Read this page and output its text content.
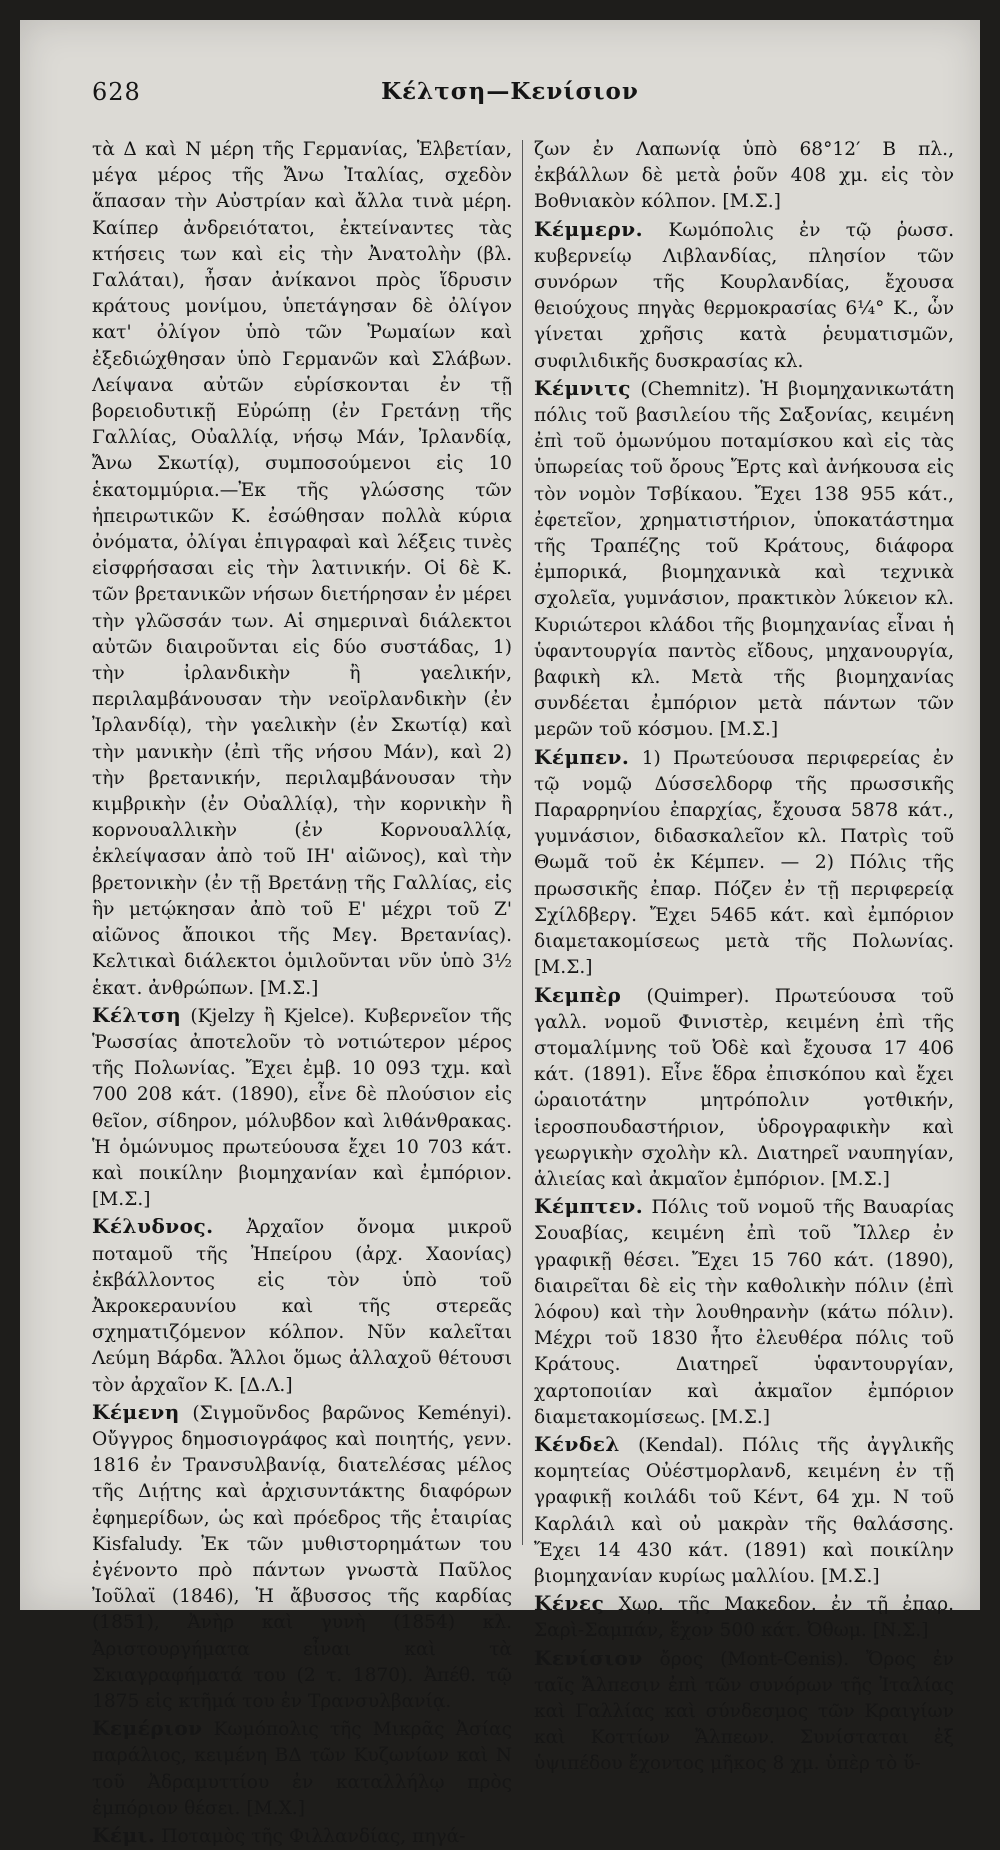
628	Κέλτση—Κενίσιον

τὰ Δ καὶ Ν μέρη τῆς Γερμανίας, Ἑλβετίαν, μέγα μέρος τῆς Ἄνω Ἰταλίας, σχεδὸν ἅπασαν τὴν Αὐστρίαν καὶ ἄλλα τινὰ μέρη. Καίπερ ἀνδρειότατοι, ἐκτείναντες τὰς κτήσεις των καὶ εἰς τὴν Ἀνατολὴν (βλ. Γαλάται), ἦσαν ἀνίκανοι πρὸς ἵδρυσιν κράτους μονίμου, ὑπετάγησαν δὲ ὀλίγον κατ' ὀλίγον ὑπὸ τῶν Ῥωμαίων καὶ ἐξεδιώχθησαν ὑπὸ Γερμανῶν καὶ Σλάβων. Λείψανα αὐτῶν εὑρίσκονται ἐν τῇ βορειοδυτικῇ Εὐρώπῃ (ἐν Γρετάνῃ τῆς Γαλλίας, Οὐαλλίᾳ, νήσῳ Μάν, Ἰρλανδίᾳ, Ἄνω Σκωτίᾳ), συμποσούμενοι εἰς 10 ἑκατομμύρια.—Ἐκ τῆς γλώσσης τῶν ἠπειρωτικῶν Κ. ἐσώθησαν πολλὰ κύρια ὀνόματα, ὀλίγαι ἐπιγραφαὶ καὶ λέξεις τινὲς εἰσφρήσασαι εἰς τὴν λατινικήν. Οἱ δὲ Κ. τῶν βρετανικῶν νήσων διετήρησαν ἐν μέρει τὴν γλῶσσάν των. Αἱ σημεριναὶ διάλεκτοι αὐτῶν διαιροῦνται εἰς δύο συστάδας, 1) τὴν ἰρλανδικὴν ἢ γαελικήν, περιλαμβάνουσαν τὴν νεοϊρλανδικὴν (ἐν Ἰρλανδίᾳ), τὴν γαελικὴν (ἐν Σκωτίᾳ) καὶ τὴν μανικὴν (ἐπὶ τῆς νήσου Μάν), καὶ 2) τὴν βρετανικήν, περιλαμβάνουσαν τὴν κιμβρικὴν (ἐν Οὐαλλίᾳ), τὴν κορνικὴν ἢ κορνουαλλικὴν (ἐν Κορνουαλλίᾳ, ἐκλείψασαν ἀπὸ τοῦ ΙΗ' αἰῶνος), καὶ τὴν βρετονικὴν (ἐν τῇ Βρετάνῃ τῆς Γαλλίας, εἰς ἣν μετῴκησαν ἀπὸ τοῦ Ε' μέχρι τοῦ Ζ' αἰῶνος ἄποικοι τῆς Μεγ. Βρετανίας). Κελτικαὶ διάλεκτοι ὁμιλοῦνται νῦν ὑπὸ 3½ ἑκατ. ἀνθρώπων. [Μ.Σ.]

Κέλτση (Kjelzy ἢ Kjelce). Κυβερνεῖον τῆς Ῥωσσίας ἀποτελοῦν τὸ νοτιώτερον μέρος τῆς Πολωνίας. Ἔχει ἐμβ. 10 093 τχμ. καὶ 700 208 κάτ. (1890), εἶνε δὲ πλούσιον εἰς θεῖον, σίδηρον, μόλυβδον καὶ λιθάνθρακας. Ἡ ὁμώνυμος πρωτεύουσα ἔχει 10 703 κάτ. καὶ ποικίλην βιομηχανίαν καὶ ἐμπόριον. [Μ.Σ.]

Κέλυδνος. Ἀρχαῖον ὄνομα μικροῦ ποταμοῦ τῆς Ἠπείρου (ἀρχ. Χαονίας) ἐκβάλλοντος εἰς τὸν ὑπὸ τοῦ Ἀκροκεραυνίου καὶ τῆς στερεᾶς σχηματιζόμενον κόλπον. Νῦν καλεῖται Λεύμη Βάρδα. Ἄλλοι ὅμως ἀλλαχοῦ θέτουσι τὸν ἀρχαῖον Κ. [Δ.Λ.]

Κέμενη (Σιγμοῦνδος βαρῶνος Keményi). Οὔγγρος δημοσιογράφος καὶ ποιητής, γενν. 1816 ἐν Τρανσυλβανίᾳ, διατελέσας μέλος τῆς Διῄτης καὶ ἀρχισυντάκτης διαφόρων ἐφημερίδων, ὡς καὶ πρόεδρος τῆς ἑταιρίας Kisfaludy. Ἐκ τῶν μυθιστορημάτων του ἐγένοντο πρὸ πάντων γνωστὰ Παῦλος Ἰοῦλαϊ (1846), Ἡ ἄβυσσος τῆς καρδίας (1851), Ἀνὴρ καὶ γυνὴ (1854) κλ. Ἀριστουργήματα εἶναι καὶ τὰ Σκιαγραφήματά του (2 τ. 1870). Ἀπέθ. τῷ 1875 εἰς κτῆμά του ἐν Τρανσυλβανίᾳ.

Κεμέριον Κωμόπολις τῆς Μικρᾶς Ἀσίας παράλιος, κειμένη ΒΔ τῶν Κυζωνίων καὶ Ν τοῦ Ἀδραμυττίου ἐν καταλλήλῳ πρὸς ἐμπόριον θέσει. [Μ.Χ.]

Κέμι. Ποταμὸς τῆς Φιλλανδίας, πηγά-

ζων ἐν Λαπωνίᾳ ὑπὸ 68°12′ Β πλ., ἐκβάλλων δὲ μετὰ ῥοῦν 408 χμ. εἰς τὸν Βοθνιακὸν κόλπον. [Μ.Σ.]

Κέμμερν. Κωμόπολις ἐν τῷ ῥωσσ. κυβερνείῳ Λιβλανδίας, πλησίον τῶν συνόρων τῆς Κουρλανδίας, ἔχουσα θειούχους πηγὰς θερμοκρασίας 6¼° Κ., ὧν γίνεται χρῆσις κατὰ ῥευματισμῶν, συφιλιδικῆς δυσκρασίας κλ.

Κέμνιτς (Chemnitz). Ἡ βιομηχανικωτάτη πόλις τοῦ βασιλείου τῆς Σαξονίας, κειμένη ἐπὶ τοῦ ὁμωνύμου ποταμίσκου καὶ εἰς τὰς ὑπωρείας τοῦ ὄρους Ἔρτς καὶ ἀνήκουσα εἰς τὸν νομὸν Τσβίκαου. Ἔχει 138 955 κάτ., ἐφετεῖον, χρηματιστήριον, ὑποκατάστημα τῆς Τραπέζης τοῦ Κράτους, διάφορα ἐμπορικά, βιομηχανικὰ καὶ τεχνικὰ σχολεῖα, γυμνάσιον, πρακτικὸν λύκειον κλ. Κυριώτεροι κλάδοι τῆς βιομηχανίας εἶναι ἡ ὑφαντουργία παντὸς εἴδους, μηχανουργία, βαφικὴ κλ. Μετὰ τῆς βιομηχανίας συνδέεται ἐμπόριον μετὰ πάντων τῶν μερῶν τοῦ κόσμου. [Μ.Σ.]

Κέμπεν. 1) Πρωτεύουσα περιφερείας ἐν τῷ νομῷ Δύσσελδορφ τῆς πρωσσικῆς Παραρρηνίου ἐπαρχίας, ἔχουσα 5878 κάτ., γυμνάσιον, διδασκαλεῖον κλ. Πατρὶς τοῦ Θωμᾶ τοῦ ἐκ Κέμπεν. — 2) Πόλις τῆς πρωσσικῆς ἐπαρ. Πόζεν ἐν τῇ περιφερείᾳ Σχίλδβεργ. Ἔχει 5465 κάτ. καὶ ἐμπόριον διαμετακομίσεως μετὰ τῆς Πολωνίας. [Μ.Σ.]

Κεμπὲρ (Quimper). Πρωτεύουσα τοῦ γαλλ. νομοῦ Φινιστὲρ, κειμένη ἐπὶ τῆς στομαλίμνης τοῦ Ὀδὲ καὶ ἔχουσα 17 406 κάτ. (1891). Εἶνε ἕδρα ἐπισκόπου καὶ ἔχει ὡραιοτάτην μητρόπολιν γοτθικήν, ἱεροσπουδαστήριον, ὑδρογραφικὴν καὶ γεωργικὴν σχολὴν κλ. Διατηρεῖ ναυπηγίαν, ἁλιείας καὶ ἀκμαῖον ἐμπόριον. [Μ.Σ.]

Κέμπτεν. Πόλις τοῦ νομοῦ τῆς Βαυαρίας Σουαβίας, κειμένη ἐπὶ τοῦ Ἴλλερ ἐν γραφικῇ θέσει. Ἔχει 15 760 κάτ. (1890), διαιρεῖται δὲ εἰς τὴν καθολικὴν πόλιν (ἐπὶ λόφου) καὶ τὴν λουθηρανὴν (κάτω πόλιν). Μέχρι τοῦ 1830 ἦτο ἐλευθέρα πόλις τοῦ Κράτους. Διατηρεῖ ὑφαντουργίαν, χαρτοποιίαν καὶ ἀκμαῖον ἐμπόριον διαμετακομίσεως. [Μ.Σ.]

Κένδελ (Kendal). Πόλις τῆς ἀγγλικῆς κομητείας Οὐέστμορλανδ, κειμένη ἐν τῇ γραφικῇ κοιλάδι τοῦ Κέντ, 64 χμ. Ν τοῦ Καρλάιλ καὶ οὐ μακρὰν τῆς θαλάσσης. Ἔχει 14 430 κάτ. (1891) καὶ ποικίλην βιομηχανίαν κυρίως μαλλίου. [Μ.Σ.]

Κένες Χωρ. τῆς Μακεδον. ἐν τῇ ἐπαρ. Σαρὶ-Σαμπάν, ἔχον 500 κάτ. Ὀθωμ. [Ν.Σ.]

Κενίσιον ὄρος (Mont-Cenis). Ὄρος ἐν ταῖς Ἄλπεσιν ἐπὶ τῶν συνόρων τῆς Ἰταλίας καὶ Γαλλίας καὶ σύνδεσμος τῶν Κραιγίων καὶ Κοττίων Ἄλπεων. Συνίσταται ἐξ ὑψιπέδου ἔχοντος μῆκος 8 χμ. ὑπὲρ τὸ ὕ-
